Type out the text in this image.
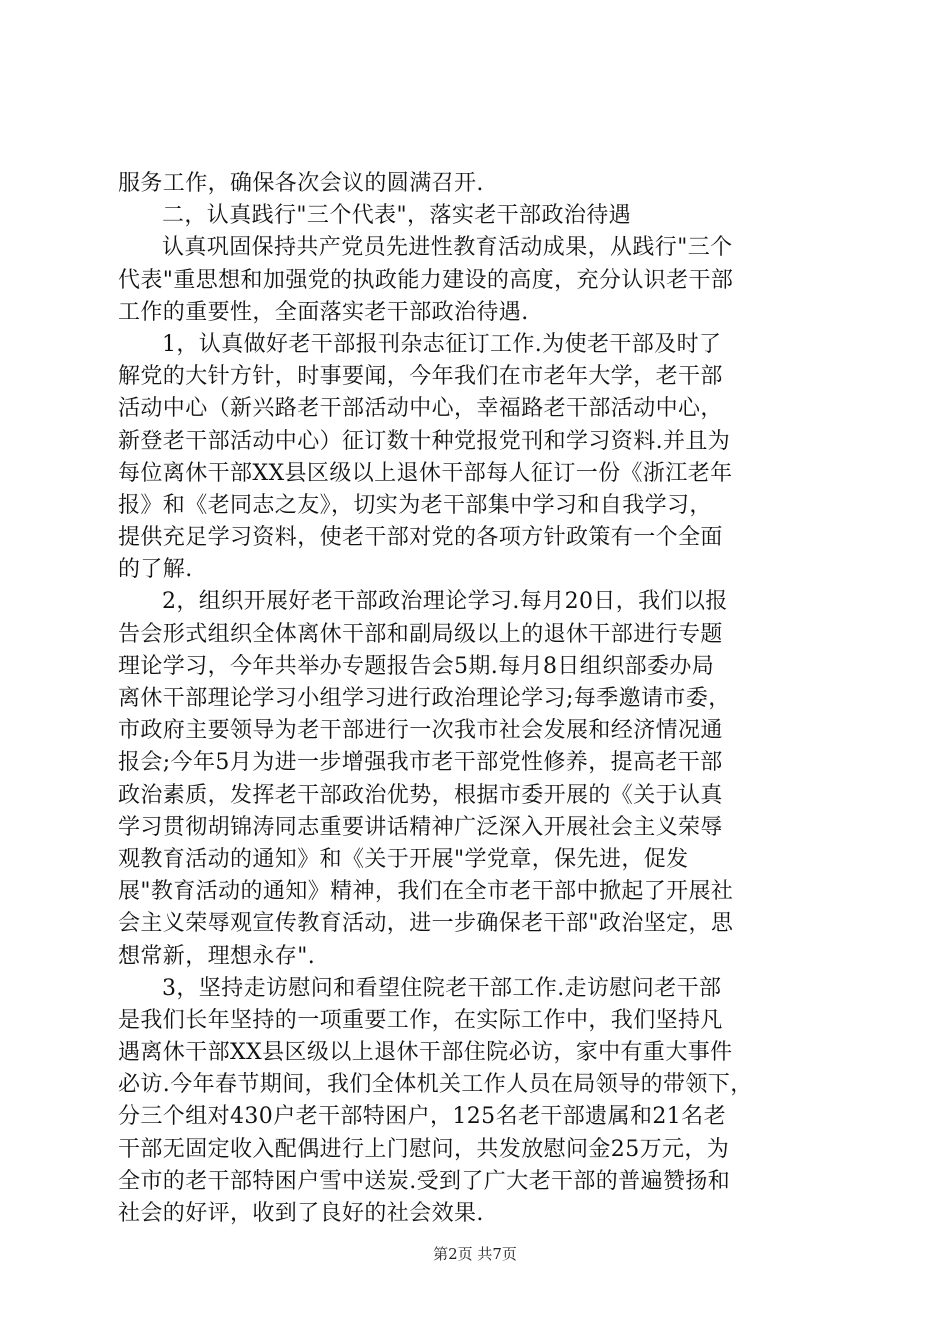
服务工作，确保各次会议的圆满召开.
二，认真践行"三个代表"，落实老干部政治待遇
认真巩固保持共产党员先进性教育活动成果，从践行"三个
代表"重思想和加强党的执政能力建设的高度，充分认识老干部
工作的重要性，全面落实老干部政治待遇.
1，认真做好老干部报刊杂志征订工作.为使老干部及时了
解党的大针方针，时事要闻，今年我们在市老年大学，老干部
活动中心（新兴路老干部活动中心，幸福路老干部活动中心，
新登老干部活动中心）征订数十种党报党刊和学习资料.并且为
每位离休干部XX县区级以上退休干部每人征订一份《浙江老年
报》和《老同志之友》，切实为老干部集中学习和自我学习，
提供充足学习资料，使老干部对党的各项方针政策有一个全面
的了解.
2，组织开展好老干部政治理论学习.每月20日，我们以报
告会形式组织全体离休干部和副局级以上的退休干部进行专题
理论学习，今年共举办专题报告会5期.每月8日组织部委办局
离休干部理论学习小组学习进行政治理论学习;每季邀请市委，
市政府主要领导为老干部进行一次我市社会发展和经济情况通
报会;今年5月为进一步增强我市老干部党性修养，提高老干部
政治素质，发挥老干部政治优势，根据市委开展的《关于认真
学习贯彻胡锦涛同志重要讲话精神广泛深入开展社会主义荣辱
观教育活动的通知》和《关于开展"学党章，保先进，促发
展"教育活动的通知》精神，我们在全市老干部中掀起了开展社
会主义荣辱观宣传教育活动，进一步确保老干部"政治坚定，思
想常新，理想永存".
3，坚持走访慰问和看望住院老干部工作.走访慰问老干部
是我们长年坚持的一项重要工作，在实际工作中，我们坚持凡
遇离休干部XX县区级以上退休干部住院必访，家中有重大事件
必访.今年春节期间，我们全体机关工作人员在局领导的带领下，
分三个组对430户老干部特困户，125名老干部遗属和21名老
干部无固定收入配偶进行上门慰问，共发放慰问金25万元，为
全市的老干部特困户雪中送炭.受到了广大老干部的普遍赞扬和
社会的好评，收到了良好的社会效果.
第2页 共7页
